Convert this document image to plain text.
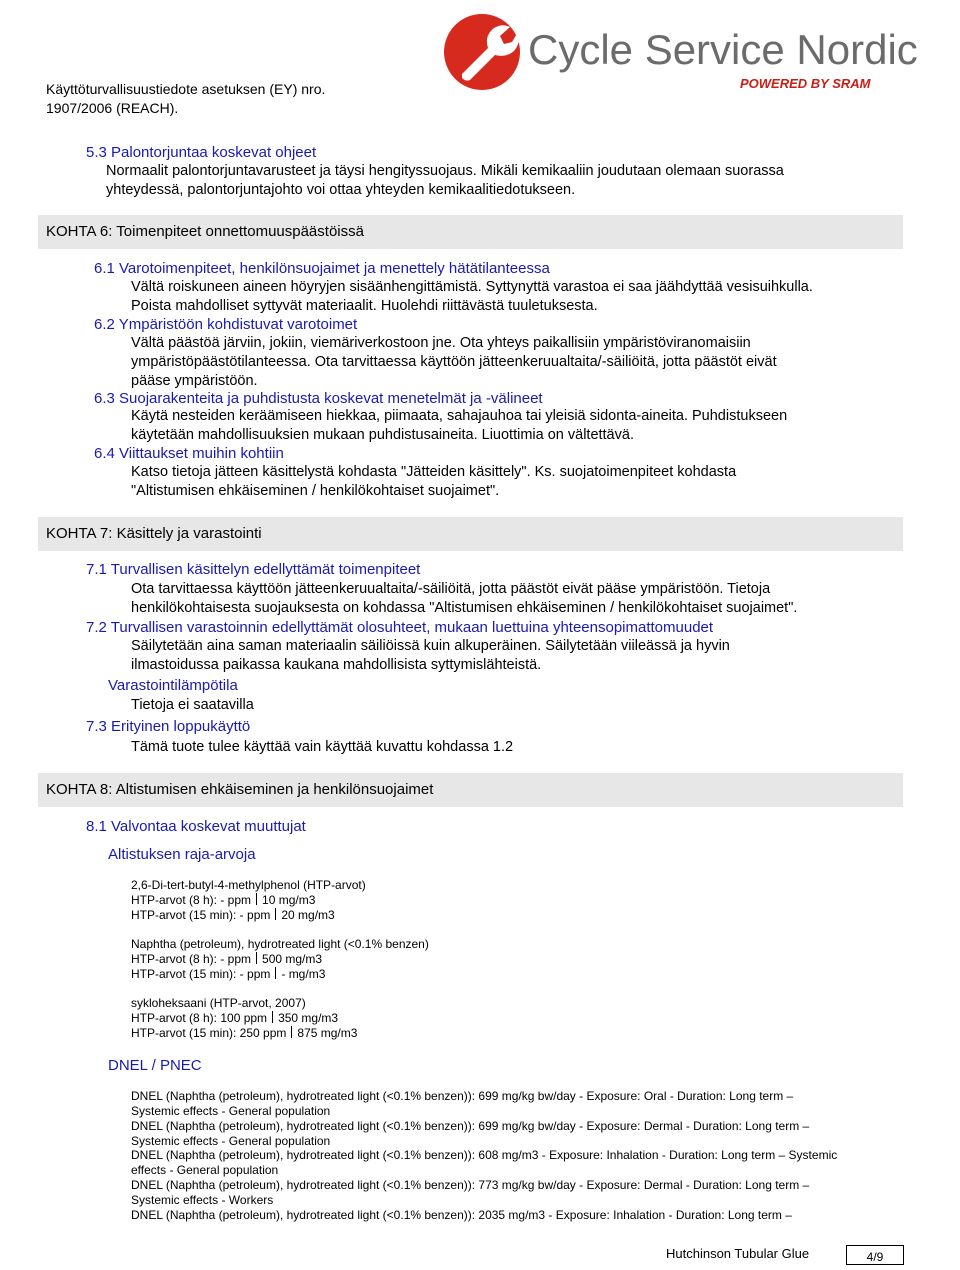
Käyttöturvallisuustiedote asetuksen (EY) nro.
1907/2006 (REACH).
Cycle Service Nordic
POWERED BY SRAM
5.3 Palontorjuntaa koskevat ohjeet
Normaalit palontorjuntavarusteet ja täysi hengityssuojaus. Mikäli kemikaaliin joudutaan olemaan suorassa
yhteydessä, palontorjuntajohto voi ottaa yhteyden kemikaalitiedotukseen.
KOHTA 6: Toimenpiteet onnettomuuspäästöissä
6.1 Varotoimenpiteet, henkilönsuojaimet ja menettely hätätilanteessa
Vältä roiskuneen aineen höyryjen sisäänhengittämistä. Syttynyttä varastoa ei saa jäähdyttää vesisuihkulla.
Poista mahdolliset syttyvät materiaalit. Huolehdi riittävästä tuuletuksesta.
6.2 Ympäristöön kohdistuvat varotoimet
Vältä päästöä järviin, jokiin, viemäriverkostoon jne. Ota yhteys paikallisiin ympäristöviranomaisiin
ympäristöpäästötilanteessa. Ota tarvittaessa käyttöön jätteenkeruualtaita/-säiliöitä, jotta päästöt eivät
pääse ympäristöön.
6.3 Suojarakenteita ja puhdistusta koskevat menetelmät ja -välineet
Käytä nesteiden keräämiseen hiekkaa, piimaata, sahajauhoa tai yleisiä sidonta-aineita. Puhdistukseen
käytetään mahdollisuuksien mukaan puhdistusaineita. Liuottimia on vältettävä.
6.4 Viittaukset muihin kohtiin
Katso tietoja jätteen käsittelystä kohdasta "Jätteiden käsittely". Ks. suojatoimenpiteet kohdasta
"Altistumisen ehkäiseminen / henkilökohtaiset suojaimet".
KOHTA 7: Käsittely ja varastointi
7.1 Turvallisen käsittelyn edellyttämät toimenpiteet
Ota tarvittaessa käyttöön jätteenkeruualtaita/-säiliöitä, jotta päästöt eivät pääse ympäristöön. Tietoja
henkilökohtaisesta suojauksesta on kohdassa "Altistumisen ehkäiseminen / henkilökohtaiset suojaimet".
7.2 Turvallisen varastoinnin edellyttämät olosuhteet, mukaan luettuina yhteensopimattomuudet
Säilytetään aina saman materiaalin säiliöissä kuin alkuperäinen. Säilytetään viileässä ja hyvin
ilmastoidussa paikassa kaukana mahdollisista syttymislähteistä.
Varastointilämpötila
Tietoja ei saatavilla
7.3 Erityinen loppukäyttö
Tämä tuote tulee käyttää vain käyttää kuvattu kohdassa 1.2
KOHTA 8: Altistumisen ehkäiseminen ja henkilönsuojaimet
8.1 Valvontaa koskevat muuttujat
Altistuksen raja-arvoja
2,6-Di-tert-butyl-4-methylphenol (HTP-arvot)
HTP-arvot (8 h): - ppm 10 mg/m3
HTP-arvot (15 min): - ppm 20 mg/m3
Naphtha (petroleum), hydrotreated light (<0.1% benzen)
HTP-arvot (8 h): - ppm 500 mg/m3
HTP-arvot (15 min): - ppm - mg/m3
sykloheksaani (HTP-arvot, 2007)
HTP-arvot (8 h): 100 ppm 350 mg/m3
HTP-arvot (15 min): 250 ppm 875 mg/m3
DNEL / PNEC
DNEL (Naphtha (petroleum), hydrotreated light (<0.1% benzen)): 699 mg/kg bw/day - Exposure: Oral - Duration: Long term –
Systemic effects - General population
DNEL (Naphtha (petroleum), hydrotreated light (<0.1% benzen)): 699 mg/kg bw/day - Exposure: Dermal - Duration: Long term –
Systemic effects - General population
DNEL (Naphtha (petroleum), hydrotreated light (<0.1% benzen)): 608 mg/m3 - Exposure: Inhalation - Duration: Long term – Systemic
effects - General population
DNEL (Naphtha (petroleum), hydrotreated light (<0.1% benzen)): 773 mg/kg bw/day - Exposure: Dermal - Duration: Long term –
Systemic effects - Workers
DNEL (Naphtha (petroleum), hydrotreated light (<0.1% benzen)): 2035 mg/m3 - Exposure: Inhalation - Duration: Long term –
Hutchinson Tubular Glue	4/9
